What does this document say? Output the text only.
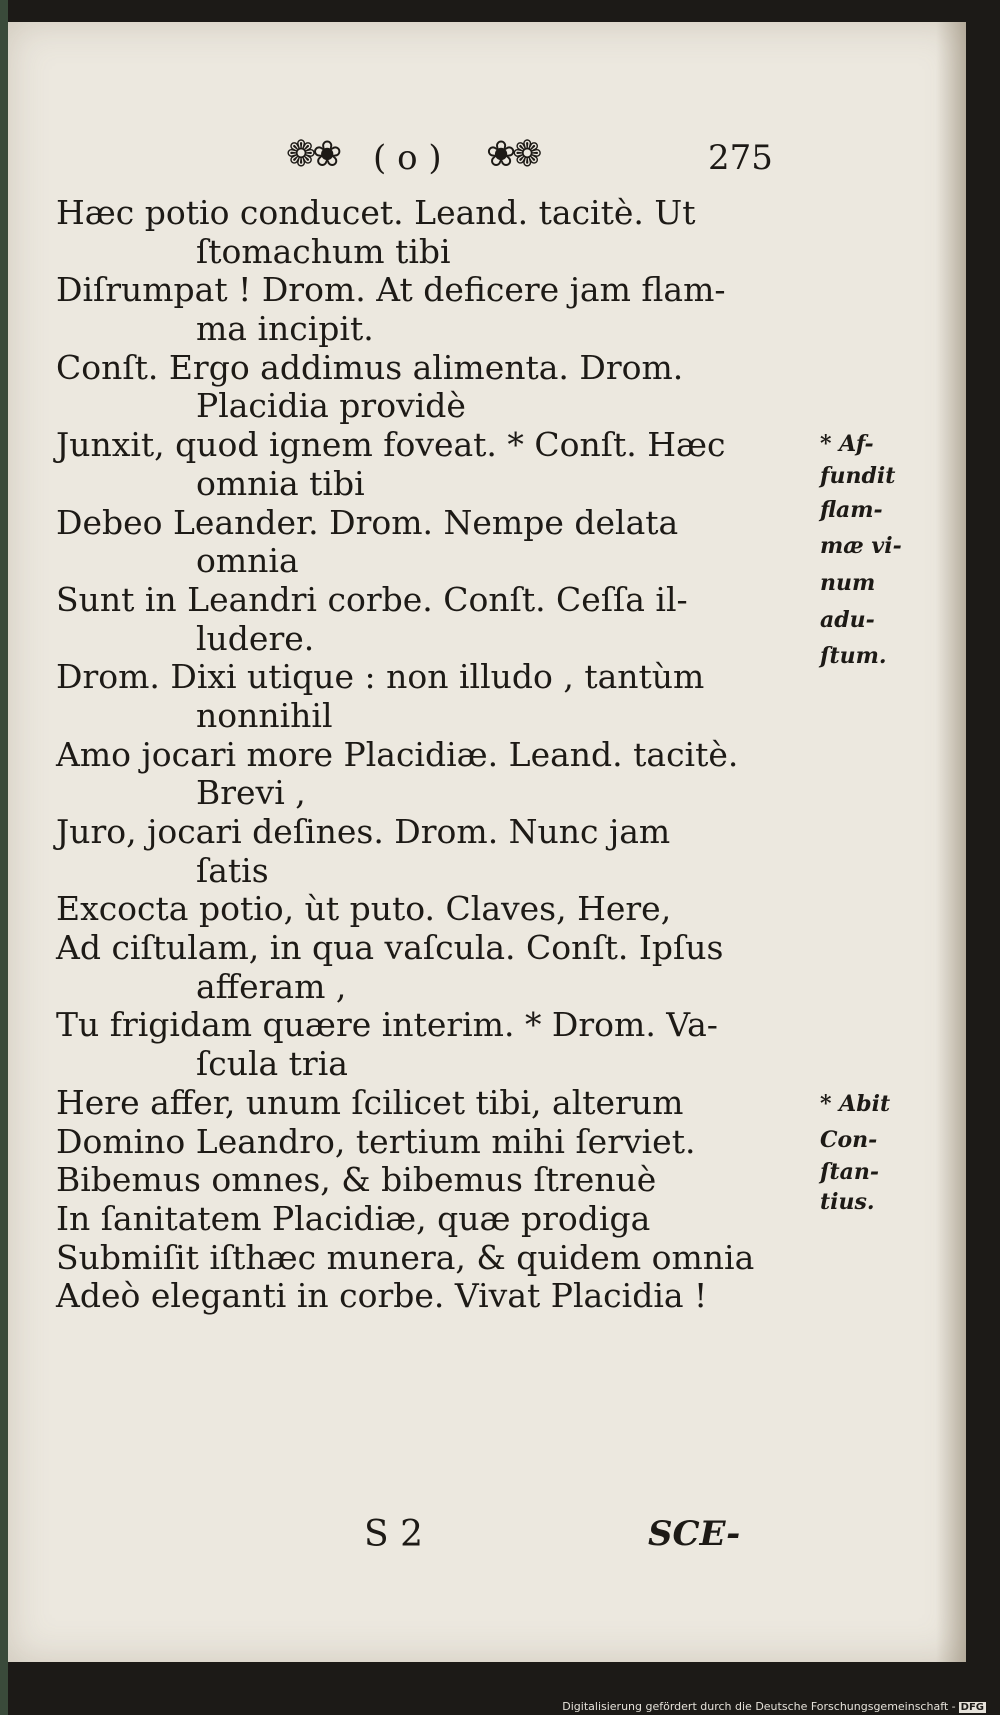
❁❀ ( o ) ❀❁	275
Hæc potio conducet. Leand. tacitè. Ut
ſtomachum tibi
Diſrumpat ! Drom. At deficere jam flam-
ma incipit.
Conſt. Ergo addimus alimenta. Drom.
Placidia providè
Junxit, quod ignem foveat. * Conſt. Hæc
omnia tibi
Debeo Leander. Drom. Nempe delata
omnia
Sunt in Leandri corbe. Conſt. Ceſſa il-
ludere.
Drom. Dixi utique : non illudo , tantùm
nonnihil
Amo jocari more Placidiæ. Leand. tacitè.
Brevi ,
Juro, jocari deſines. Drom. Nunc jam
ſatis
Excocta potio, ùt puto. Claves, Here,
Ad ciſtulam, in qua vaſcula. Conſt. Ipſus
afferam ,
Tu frigidam quære interim. * Drom. Va-
ſcula tria
Here affer, unum ſcilicet tibi, alterum
Domino Leandro, tertium mihi ſerviet.
Bibemus omnes, & bibemus ſtrenuè
In ſanitatem Placidiæ, quæ prodiga
Submiſit iſthæc munera, & quidem omnia
Adeò eleganti in corbe. Vivat Placidia !
* Af-
fundit
flam-
mæ vi-
num
adu-
ſtum.
* Abit
Con-
ſtan-
tius.
S 2	SCE-
Digitalisierung gefördert durch die Deutsche Forschungsgemeinschaft - DFG
